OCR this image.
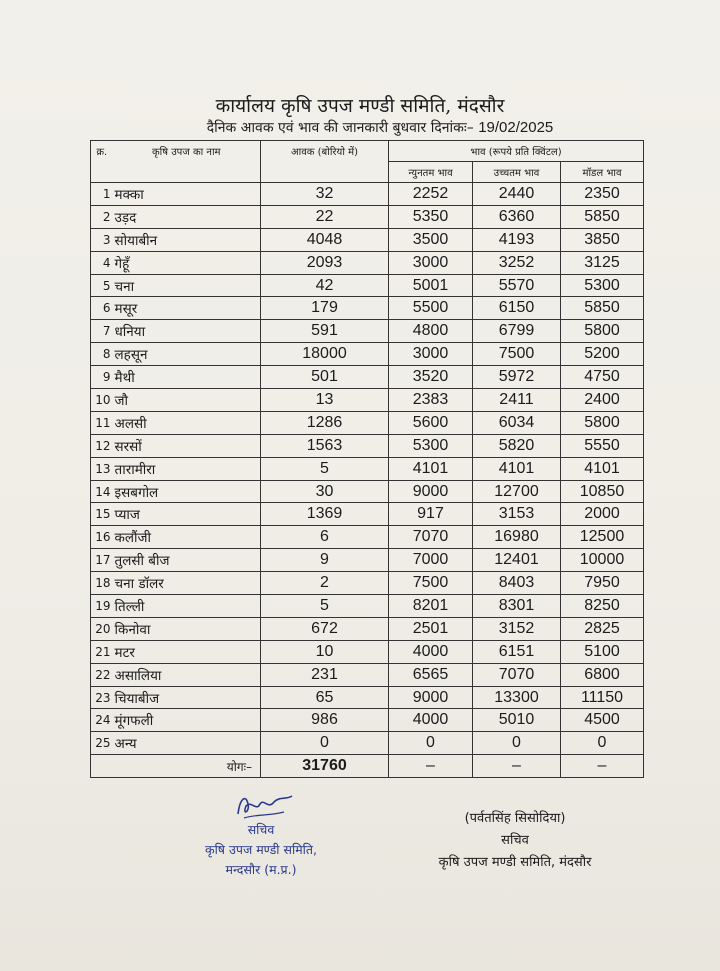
कार्यालय कृषि उपज मण्डी समिति, मंदसौर
दैनिक आवक एवं भाव की जानकारी बुधवार दिनांकः– 19/02/2025
क्र.	कृषि उपज का नाम	आवक (बोरियो में)	भाव (रूपये प्रति क्विंटल)		
			न्युनतम भाव	उच्चतम भाव	मॉडल भाव
1	मक्का	32	2252	2440	2350
2	उड़द	22	5350	6360	5850
3	सोयाबीन	4048	3500	4193	3850
4	गेहूँ	2093	3000	3252	3125
5	चना	42	5001	5570	5300
6	मसूर	179	5500	6150	5850
7	धनिया	591	4800	6799	5800
8	लहसून	18000	3000	7500	5200
9	मैथी	501	3520	5972	4750
10	जौ	13	2383	2411	2400
11	अलसी	1286	5600	6034	5800
12	सरसों	1563	5300	5820	5550
13	तारामीरा	5	4101	4101	4101
14	इसबगोल	30	9000	12700	10850
15	प्याज	1369	917	3153	2000
16	कलौंजी	6	7070	16980	12500
17	तुलसी बीज	9	7000	12401	10000
18	चना डॉलर	2	7500	8403	7950
19	तिल्ली	5	8201	8301	8250
20	किनोवा	672	2501	3152	2825
21	मटर	10	4000	6151	5100
22	असालिया	231	6565	7070	6800
23	चियाबीज	65	9000	13300	11150
24	मूंगफली	986	4000	5010	4500
25	अन्य	0	0	0	0
योगः–		31760	–	–	–
सचिव
कृषि उपज मण्डी समिति,
मन्दसौर (म.प्र.)
(पर्वतसिंह सिसोदिया)
सचिव
कृषि उपज मण्डी समिति, मंदसौर
